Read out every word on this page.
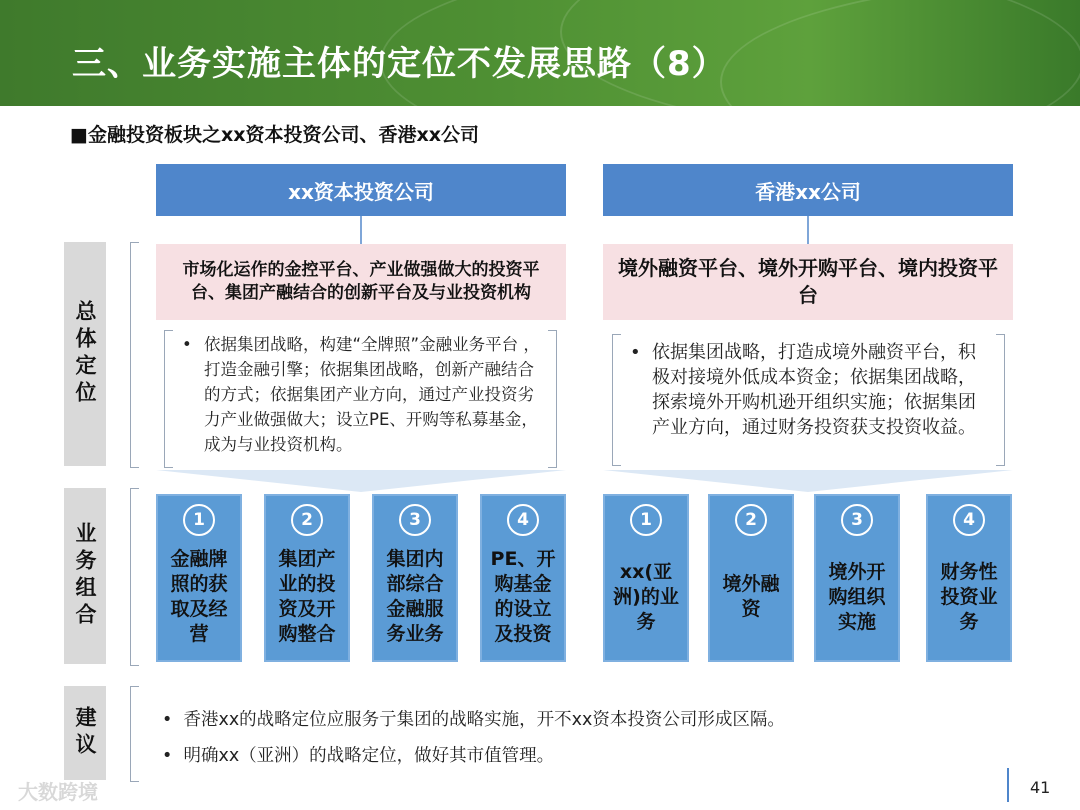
三、业务实施主体的定位不发展思路（8）
■金融投资板块之xx资本投资公司、香港xx公司
xx资本投资公司	香港xx公司
总体定位
业务组合
建议
市场化运作的金控平台、产业做强做大的投资平台、集团产融结合的创新平台及与业投资机构
境外融资平台、境外开购平台、境内投资平台
• 依据集团战略，构建“全牌照”金融业务平台 ，打造金融引擎；依据集团战略，创新产融结合的方式；依据集团产业方向，通过产业投资劣力产业做强做大；设立PE、开购等私募基金，成为与业投资机构。
• 依据集团战略，打造成境外融资平台，积极对接境外低成本资金；依据集团战略，探索境外开购机逊开组织实施；依据集团产业方向，通过财务投资获支投资收益。
1
金融牌照的获取及经营
2
集团产业的投资及开购整合
3
集团内部综合金融服务业务
4
PE、开购基金的设立及投资
1
xx(亚洲)的业务
2
境外融资
3
境外开购组织实施
4
财务性投资业务
• 香港xx的战略定位应服务亍集团的战略实施，开不xx资本投资公司形成区隔。
• 明确xx（亚洲）的战略定位，做好其市值管理。
大数跨境	41
